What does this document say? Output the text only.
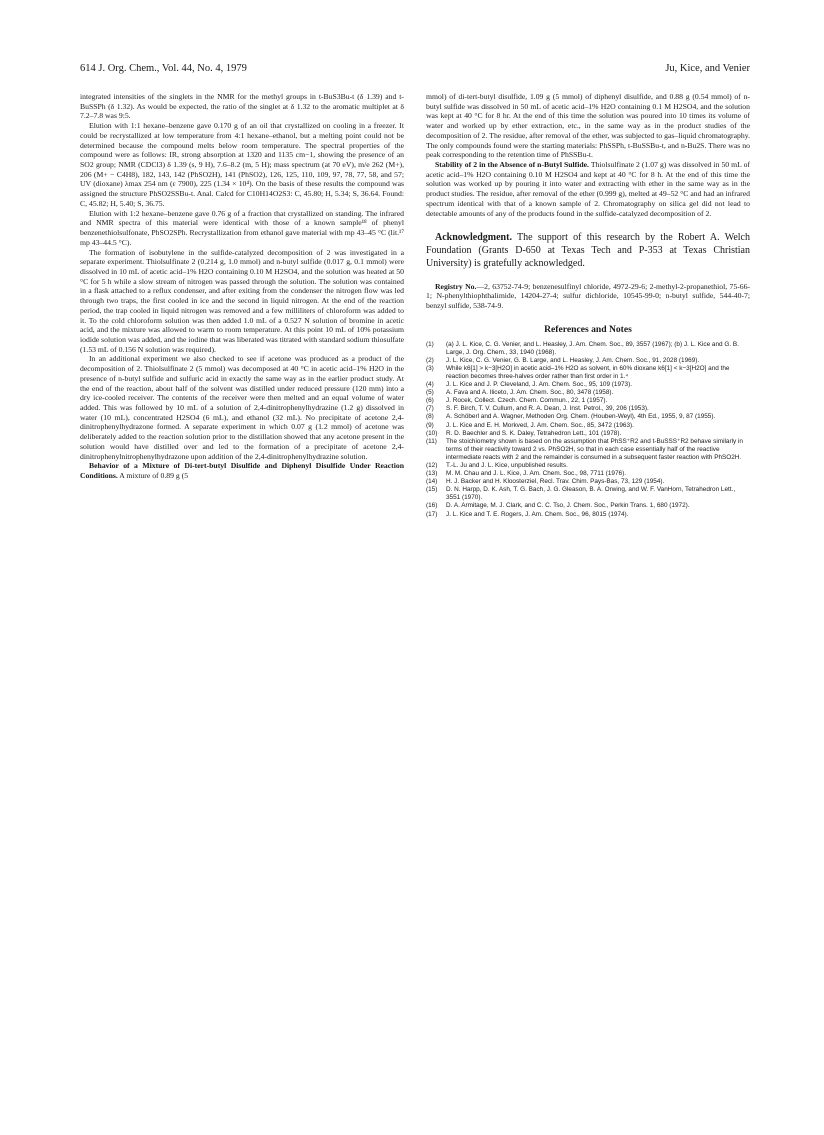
614 J. Org. Chem., Vol. 44, No. 4, 1979	Ju, Kice, and Venier

integrated intensities of the singlets in the NMR for the methyl groups in t-BuS3Bu-t (δ 1.39) and t-BuSSPh (δ 1.32). As would be expected, the ratio of the singlet at δ 1.32 to the aromatic multiplet at δ 7.2–7.8 was 9:5.

Elution with 1:1 hexane–benzene gave 0.170 g of an oil that crystallized on cooling in a freezer. It could be recrystallized at low temperature from 4:1 hexane–ethanol, but a melting point could not be determined because the compound melts below room temperature. The spectral properties of the compound were as follows: IR, strong absorption at 1320 and 1135 cm−1, showing the presence of an SO2 group; NMR (CDCl3) δ 1.39 (s, 9 H), 7.6–8.2 (m, 5 H); mass spectrum (at 70 eV), m/e 262 (M+), 206 (M+ − C4H8), 182, 143, 142 (PhSO2H), 141 (PhSO2), 126, 125, 110, 109, 97, 78, 77, 58, and 57; UV (dioxane) λmax 254 nm (ε 7900), 225 (1.34 × 10⁴). On the basis of these results the compound was assigned the structure PhSO2SSBu-t. Anal. Calcd for C10H14O2S3: C, 45.80; H, 5.34; S, 36.64. Found: C, 45.82; H, 5.40; S, 36.75.

Elution with 1:2 hexane–benzene gave 0.76 g of a fraction that crystallized on standing. The infrared and NMR spectra of this material were identical with those of a known sample¹⁸ of phenyl benzenethiolsulfonate, PhSO2SPh. Recrystallization from ethanol gave material with mp 43–45 °C (lit.¹⁷ mp 43–44.5 °C).

The formation of isobutylene in the sulfide-catalyzed decomposition of 2 was investigated in a separate experiment. Thiolsulfinate 2 (0.214 g, 1.0 mmol) and n-butyl sulfide (0.017 g, 0.1 mmol) were dissolved in 10 mL of acetic acid–1% H2O containing 0.10 M H2SO4, and the solution was heated at 50 °C for 5 h while a slow stream of nitrogen was passed through the solution. The solution was contained in a flask attached to a reflux condenser, and after exiting from the condenser the nitrogen flow was led through two traps, the first cooled in ice and the second in liquid nitrogen. At the end of the reaction period, the trap cooled in liquid nitrogen was removed and a few milliliters of chloroform was added to it. To the cold chloroform solution was then added 1.0 mL of a 0.527 N solution of bromine in acetic acid, and the mixture was allowed to warm to room temperature. At this point 10 mL of 10% potassium iodide solution was added, and the iodine that was liberated was titrated with standard sodium thiosulfate (1.53 mL of 0.156 N solution was required).

In an additional experiment we also checked to see if acetone was produced as a product of the decomposition of 2. Thiolsulfinate 2 (5 mmol) was decomposed at 40 °C in acetic acid–1% H2O in the presence of n-butyl sulfide and sulfuric acid in exactly the same way as in the earlier product study. At the end of the reaction, about half of the solvent was distilled under reduced pressure (120 mm) into a dry ice-cooled receiver. The contents of the receiver were then melted and an equal volume of water added. This was followed by 10 mL of a solution of 2,4-dinitrophenylhydrazine (1.2 g) dissolved in water (10 mL), concentrated H2SO4 (6 mL), and ethanol (32 mL). No precipitate of acetone 2,4-dinitrophenylhydrazone formed. A separate experiment in which 0.07 g (1.2 mmol) of acetone was deliberately added to the reaction solution prior to the distillation showed that any acetone present in the solution would have distilled over and led to the formation of a precipitate of acetone 2,4-dinitrophenylnitrophenylhydrazone upon addition of the 2,4-dinitrophenylhydrazine solution.

Behavior of a Mixture of Di-tert-butyl Disulfide and Diphenyl Disulfide Under Reaction Conditions. A mixture of 0.89 g (5

mmol) of di-tert-butyl disulfide, 1.09 g (5 mmol) of diphenyl disulfide, and 0.88 g (0.54 mmol) of n-butyl sulfide was dissolved in 50 mL of acetic acid–1% H2O containing 0.1 M H2SO4, and the solution was kept at 40 °C for 8 hr. At the end of this time the solution was poured into 10 times its volume of water and worked up by ether extraction, etc., in the same way as in the product studies of the decomposition of 2. The residue, after removal of the ether, was subjected to gas–liquid chromatography. The only compounds found were the starting materials: PhSSPh, t-BuSSBu-t, and n-Bu2S. There was no peak corresponding to the retention time of PhSSBu-t.

Stability of 2 in the Absence of n-Butyl Sulfide. Thiolsulfinate 2 (1.07 g) was dissolved in 50 mL of acetic acid–1% H2O containing 0.10 M H2SO4 and kept at 40 °C for 8 h. At the end of this time the solution was worked up by pouring it into water and extracting with ether in the same way as in the product studies. The residue, after removal of the ether (0.999 g), melted at 49–52 °C and had an infrared spectrum identical with that of a known sample of 2. Chromatography on silica gel did not lead to detectable amounts of any of the products found in the sulfide-catalyzed decomposition of 2.

Acknowledgment. The support of this research by the Robert A. Welch Foundation (Grants D-650 at Texas Tech and P-353 at Texas Christian University) is gratefully acknowledged.

Registry No.—2, 63752-74-9; benzenesulfinyl chloride, 4972-29-6; 2-methyl-2-propanethiol, 75-66-1; N-phenylthiophthalimide, 14204-27-4; sulfur dichloride, 10545-99-0; n-butyl sulfide, 544-40-7; benzyl sulfide, 538-74-9.

References and Notes
(1) (a) J. L. Kice, C. G. Venier, and L. Heasley, J. Am. Chem. Soc., 89, 3557 (1967); (b) J. L. Kice and G. B. Large, J. Org. Chem., 33, 1940 (1968).
(2) J. L. Kice, C. G. Venier, G. B. Large, and L. Heasley, J. Am. Chem. Soc., 91, 2028 (1969).
(3) While k6[1] > k−3[H2O] in acetic acid–1% H2O as solvent, in 60% dioxane k6[1] < k−3[H2O] and the reaction becomes three-halves order rather than first order in 1.⁴
(4) J. L. Kice and J. P. Cleveland, J. Am. Chem. Soc., 95, 109 (1973).
(5) A. Fava and A. Iliceto, J. Am. Chem. Soc., 80, 3478 (1958).
(6) J. Rocek, Collect. Czech. Chem. Commun., 22, 1 (1957).
(7) S. F. Birch, T. V. Cullum, and R. A. Dean, J. Inst. Petrol., 39, 206 (1953).
(8) A. Schöberl and A. Wagner, Methoden Org. Chem. (Houben-Weyl), 4th Ed., 1955, 9, 87 (1955).
(9) J. L. Kice and E. H. Morkved, J. Am. Chem. Soc., 85, 3472 (1963).
(10) R. D. Baechler and S. K. Daley, Tetrahedron Lett., 101 (1978).
(11) The stoichiometry shown is based on the assumption that PhSS⁺R2 and t-BuSSS⁺R2 behave similarly in terms of their reactivity toward 2 vs. PhSO2H, so that in each case essentially half of the reactive intermediate reacts with 2 and the remainder is consumed in a subsequent faster reaction with PhSO2H.
(12) T.-L. Ju and J. L. Kice, unpublished results.
(13) M. M. Chau and J. L. Kice, J. Am. Chem. Soc., 98, 7711 (1976).
(14) H. J. Backer and H. Kloosterziel, Recl. Trav. Chim. Pays-Bas, 73, 129 (1954).
(15) D. N. Harpp, D. K. Ash, T. G. Bach, J. G. Gleason, B. A. Orwing, and W. F. VanHorn, Tetrahedron Lett., 3551 (1970).
(16) D. A. Armitage, M. J. Clark, and C. C. Tso, J. Chem. Soc., Perkin Trans. 1, 680 (1972).
(17) J. L. Kice and T. E. Rogers, J. Am. Chem. Soc., 96, 8015 (1974).
